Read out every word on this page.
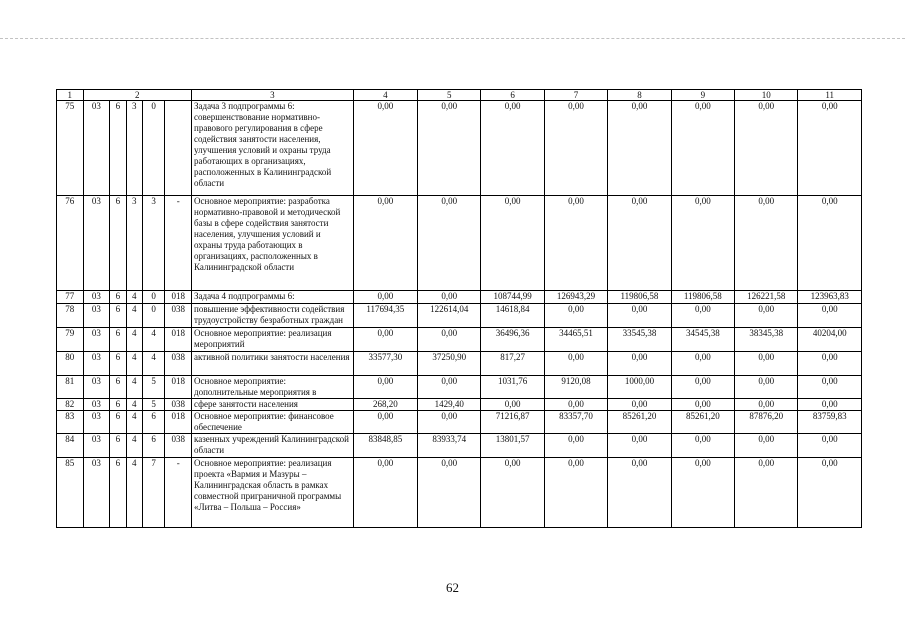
1	2					3	4	5	6	7	8	9	10	11
75	03	6	3	0		Задача 3 подпрограммы 6: совершенствование нормативно-правового регулирования в сфере содействия занятости населения, улучшения условий и охраны труда работающих в организациях, расположенных в Калининградской области	0,00	0,00	0,00	0,00	0,00	0,00	0,00	0,00
76	03	6	3	3	-	Основное мероприятие: разработка нормативно-правовой и методической базы в сфере содействия занятости населения, улучшения условий и охраны труда работающих в организациях, расположенных в Калининградской области	0,00	0,00	0,00	0,00	0,00	0,00	0,00	0,00
77	03	6	4	0	018	Задача 4 подпрограммы 6:	0,00	0,00	108744,99	126943,29	119806,58	119806,58	126221,58	123963,83
78	03	6	4	0	038	повышение эффективности содействия трудоустройству безработных граждан	117694,35	122614,04	14618,84	0,00	0,00	0,00	0,00	0,00
79	03	6	4	4	018	Основное мероприятие: реализация мероприятий	0,00	0,00	36496,36	34465,51	33545,38	34545,38	38345,38	40204,00
80	03	6	4	4	038	активной политики занятости населения	33577,30	37250,90	817,27	0,00	0,00	0,00	0,00	0,00
81	03	6	4	5	018	Основное мероприятие: дополнительные мероприятия в	0,00	0,00	1031,76	9120,08	1000,00	0,00	0,00	0,00
82	03	6	4	5	038	сфере занятости населения	268,20	1429,40	0,00	0,00	0,00	0,00	0,00	0,00
83	03	6	4	6	018	Основное мероприятие: финансовое обеспечение	0,00	0,00	71216,87	83357,70	85261,20	85261,20	87876,20	83759,83
84	03	6	4	6	038	казенных учреждений Калининградской области	83848,85	83933,74	13801,57	0,00	0,00	0,00	0,00	0,00
85	03	6	4	7	-	Основное мероприятие: реализация проекта «Вармия и Мазуры – Калининградская область в рамках совместной приграничной программы «Литва – Польша – Россия»	0,00	0,00	0,00	0,00	0,00	0,00	0,00	0,00
62
